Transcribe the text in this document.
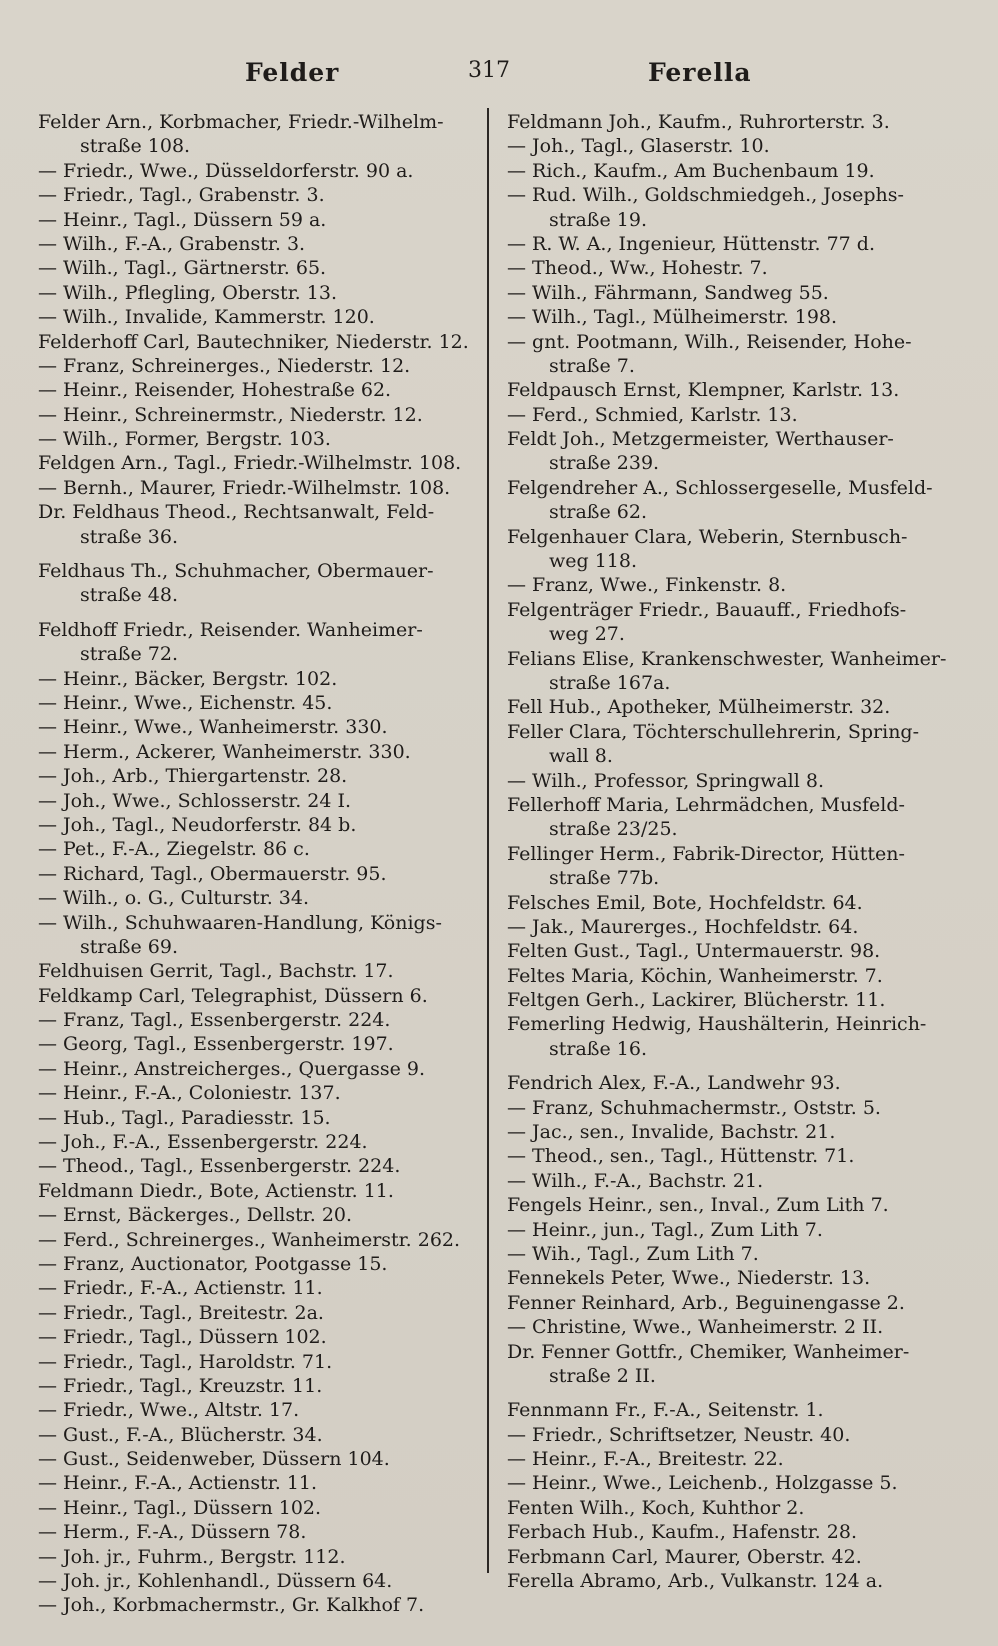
Felder	317	Ferella
Felder Arn., Korbmacher, Friedr.-Wilhelm-
straße 108.
— Friedr., Wwe., Düsseldorferstr. 90 a.
— Friedr., Tagl., Grabenstr. 3.
— Heinr., Tagl., Düssern 59 a.
— Wilh., F.-A., Grabenstr. 3.
— Wilh., Tagl., Gärtnerstr. 65.
— Wilh., Pflegling, Oberstr. 13.
— Wilh., Invalide, Kammerstr. 120.
Felderhoff Carl, Bautechniker, Niederstr. 12.
— Franz, Schreinerges., Niederstr. 12.
— Heinr., Reisender, Hohestraße 62.
— Heinr., Schreinermstr., Niederstr. 12.
— Wilh., Former, Bergstr. 103.
Feldgen Arn., Tagl., Friedr.-Wilhelmstr. 108.
— Bernh., Maurer, Friedr.-Wilhelmstr. 108.
Dr. Feldhaus Theod., Rechtsanwalt, Feld-
straße 36.
Feldhaus Th., Schuhmacher, Obermauer-
straße 48.
Feldhoff Friedr., Reisender. Wanheimer-
straße 72.
— Heinr., Bäcker, Bergstr. 102.
— Heinr., Wwe., Eichenstr. 45.
— Heinr., Wwe., Wanheimerstr. 330.
— Herm., Ackerer, Wanheimerstr. 330.
— Joh., Arb., Thiergartenstr. 28.
— Joh., Wwe., Schlosserstr. 24 I.
— Joh., Tagl., Neudorferstr. 84 b.
— Pet., F.-A., Ziegelstr. 86 c.
— Richard, Tagl., Obermauerstr. 95.
— Wilh., o. G., Culturstr. 34.
— Wilh., Schuhwaaren-Handlung, Königs-
straße 69.
Feldhuisen Gerrit, Tagl., Bachstr. 17.
Feldkamp Carl, Telegraphist, Düssern 6.
— Franz, Tagl., Essenbergerstr. 224.
— Georg, Tagl., Essenbergerstr. 197.
— Heinr., Anstreicherges., Quergasse 9.
— Heinr., F.-A., Coloniestr. 137.
— Hub., Tagl., Paradiesstr. 15.
— Joh., F.-A., Essenbergerstr. 224.
— Theod., Tagl., Essenbergerstr. 224.
Feldmann Diedr., Bote, Actienstr. 11.
— Ernst, Bäckerges., Dellstr. 20.
— Ferd., Schreinerges., Wanheimerstr. 262.
— Franz, Auctionator, Pootgasse 15.
— Friedr., F.-A., Actienstr. 11.
— Friedr., Tagl., Breitestr. 2a.
— Friedr., Tagl., Düssern 102.
— Friedr., Tagl., Haroldstr. 71.
— Friedr., Tagl., Kreuzstr. 11.
— Friedr., Wwe., Altstr. 17.
— Gust., F.-A., Blücherstr. 34.
— Gust., Seidenweber, Düssern 104.
— Heinr., F.-A., Actienstr. 11.
— Heinr., Tagl., Düssern 102.
— Herm., F.-A., Düssern 78.
— Joh. jr., Fuhrm., Bergstr. 112.
— Joh. jr., Kohlenhandl., Düssern 64.
— Joh., Korbmachermstr., Gr. Kalkhof 7.
Feldmann Joh., Kaufm., Ruhrorterstr. 3.
— Joh., Tagl., Glaserstr. 10.
— Rich., Kaufm., Am Buchenbaum 19.
— Rud. Wilh., Goldschmiedgeh., Josephs-
straße 19.
— R. W. A., Ingenieur, Hüttenstr. 77 d.
— Theod., Ww., Hohestr. 7.
— Wilh., Fährmann, Sandweg 55.
— Wilh., Tagl., Mülheimerstr. 198.
— gnt. Pootmann, Wilh., Reisender, Hohe-
straße 7.
Feldpausch Ernst, Klempner, Karlstr. 13.
— Ferd., Schmied, Karlstr. 13.
Feldt Joh., Metzgermeister, Werthauser-
straße 239.
Felgendreher A., Schlossergeselle, Musfeld-
straße 62.
Felgenhauer Clara, Weberin, Sternbusch-
weg 118.
— Franz, Wwe., Finkenstr. 8.
Felgenträger Friedr., Bauauff., Friedhofs-
weg 27.
Felians Elise, Krankenschwester, Wanheimer-
straße 167a.
Fell Hub., Apotheker, Mülheimerstr. 32.
Feller Clara, Töchterschullehrerin, Spring-
wall 8.
— Wilh., Professor, Springwall 8.
Fellerhoff Maria, Lehrmädchen, Musfeld-
straße 23/25.
Fellinger Herm., Fabrik-Director, Hütten-
straße 77b.
Felsches Emil, Bote, Hochfeldstr. 64.
— Jak., Maurerges., Hochfeldstr. 64.
Felten Gust., Tagl., Untermauerstr. 98.
Feltes Maria, Köchin, Wanheimerstr. 7.
Feltgen Gerh., Lackirer, Blücherstr. 11.
Femerling Hedwig, Haushälterin, Heinrich-
straße 16.
Fendrich Alex, F.-A., Landwehr 93.
— Franz, Schuhmachermstr., Oststr. 5.
— Jac., sen., Invalide, Bachstr. 21.
— Theod., sen., Tagl., Hüttenstr. 71.
— Wilh., F.-A., Bachstr. 21.
Fengels Heinr., sen., Inval., Zum Lith 7.
— Heinr., jun., Tagl., Zum Lith 7.
— Wih., Tagl., Zum Lith 7.
Fennekels Peter, Wwe., Niederstr. 13.
Fenner Reinhard, Arb., Beguinengasse 2.
— Christine, Wwe., Wanheimerstr. 2 II.
Dr. Fenner Gottfr., Chemiker, Wanheimer-
straße 2 II.
Fennmann Fr., F.-A., Seitenstr. 1.
— Friedr., Schriftsetzer, Neustr. 40.
— Heinr., F.-A., Breitestr. 22.
— Heinr., Wwe., Leichenb., Holzgasse 5.
Fenten Wilh., Koch, Kuhthor 2.
Ferbach Hub., Kaufm., Hafenstr. 28.
Ferbmann Carl, Maurer, Oberstr. 42.
Ferella Abramo, Arb., Vulkanstr. 124 a.
